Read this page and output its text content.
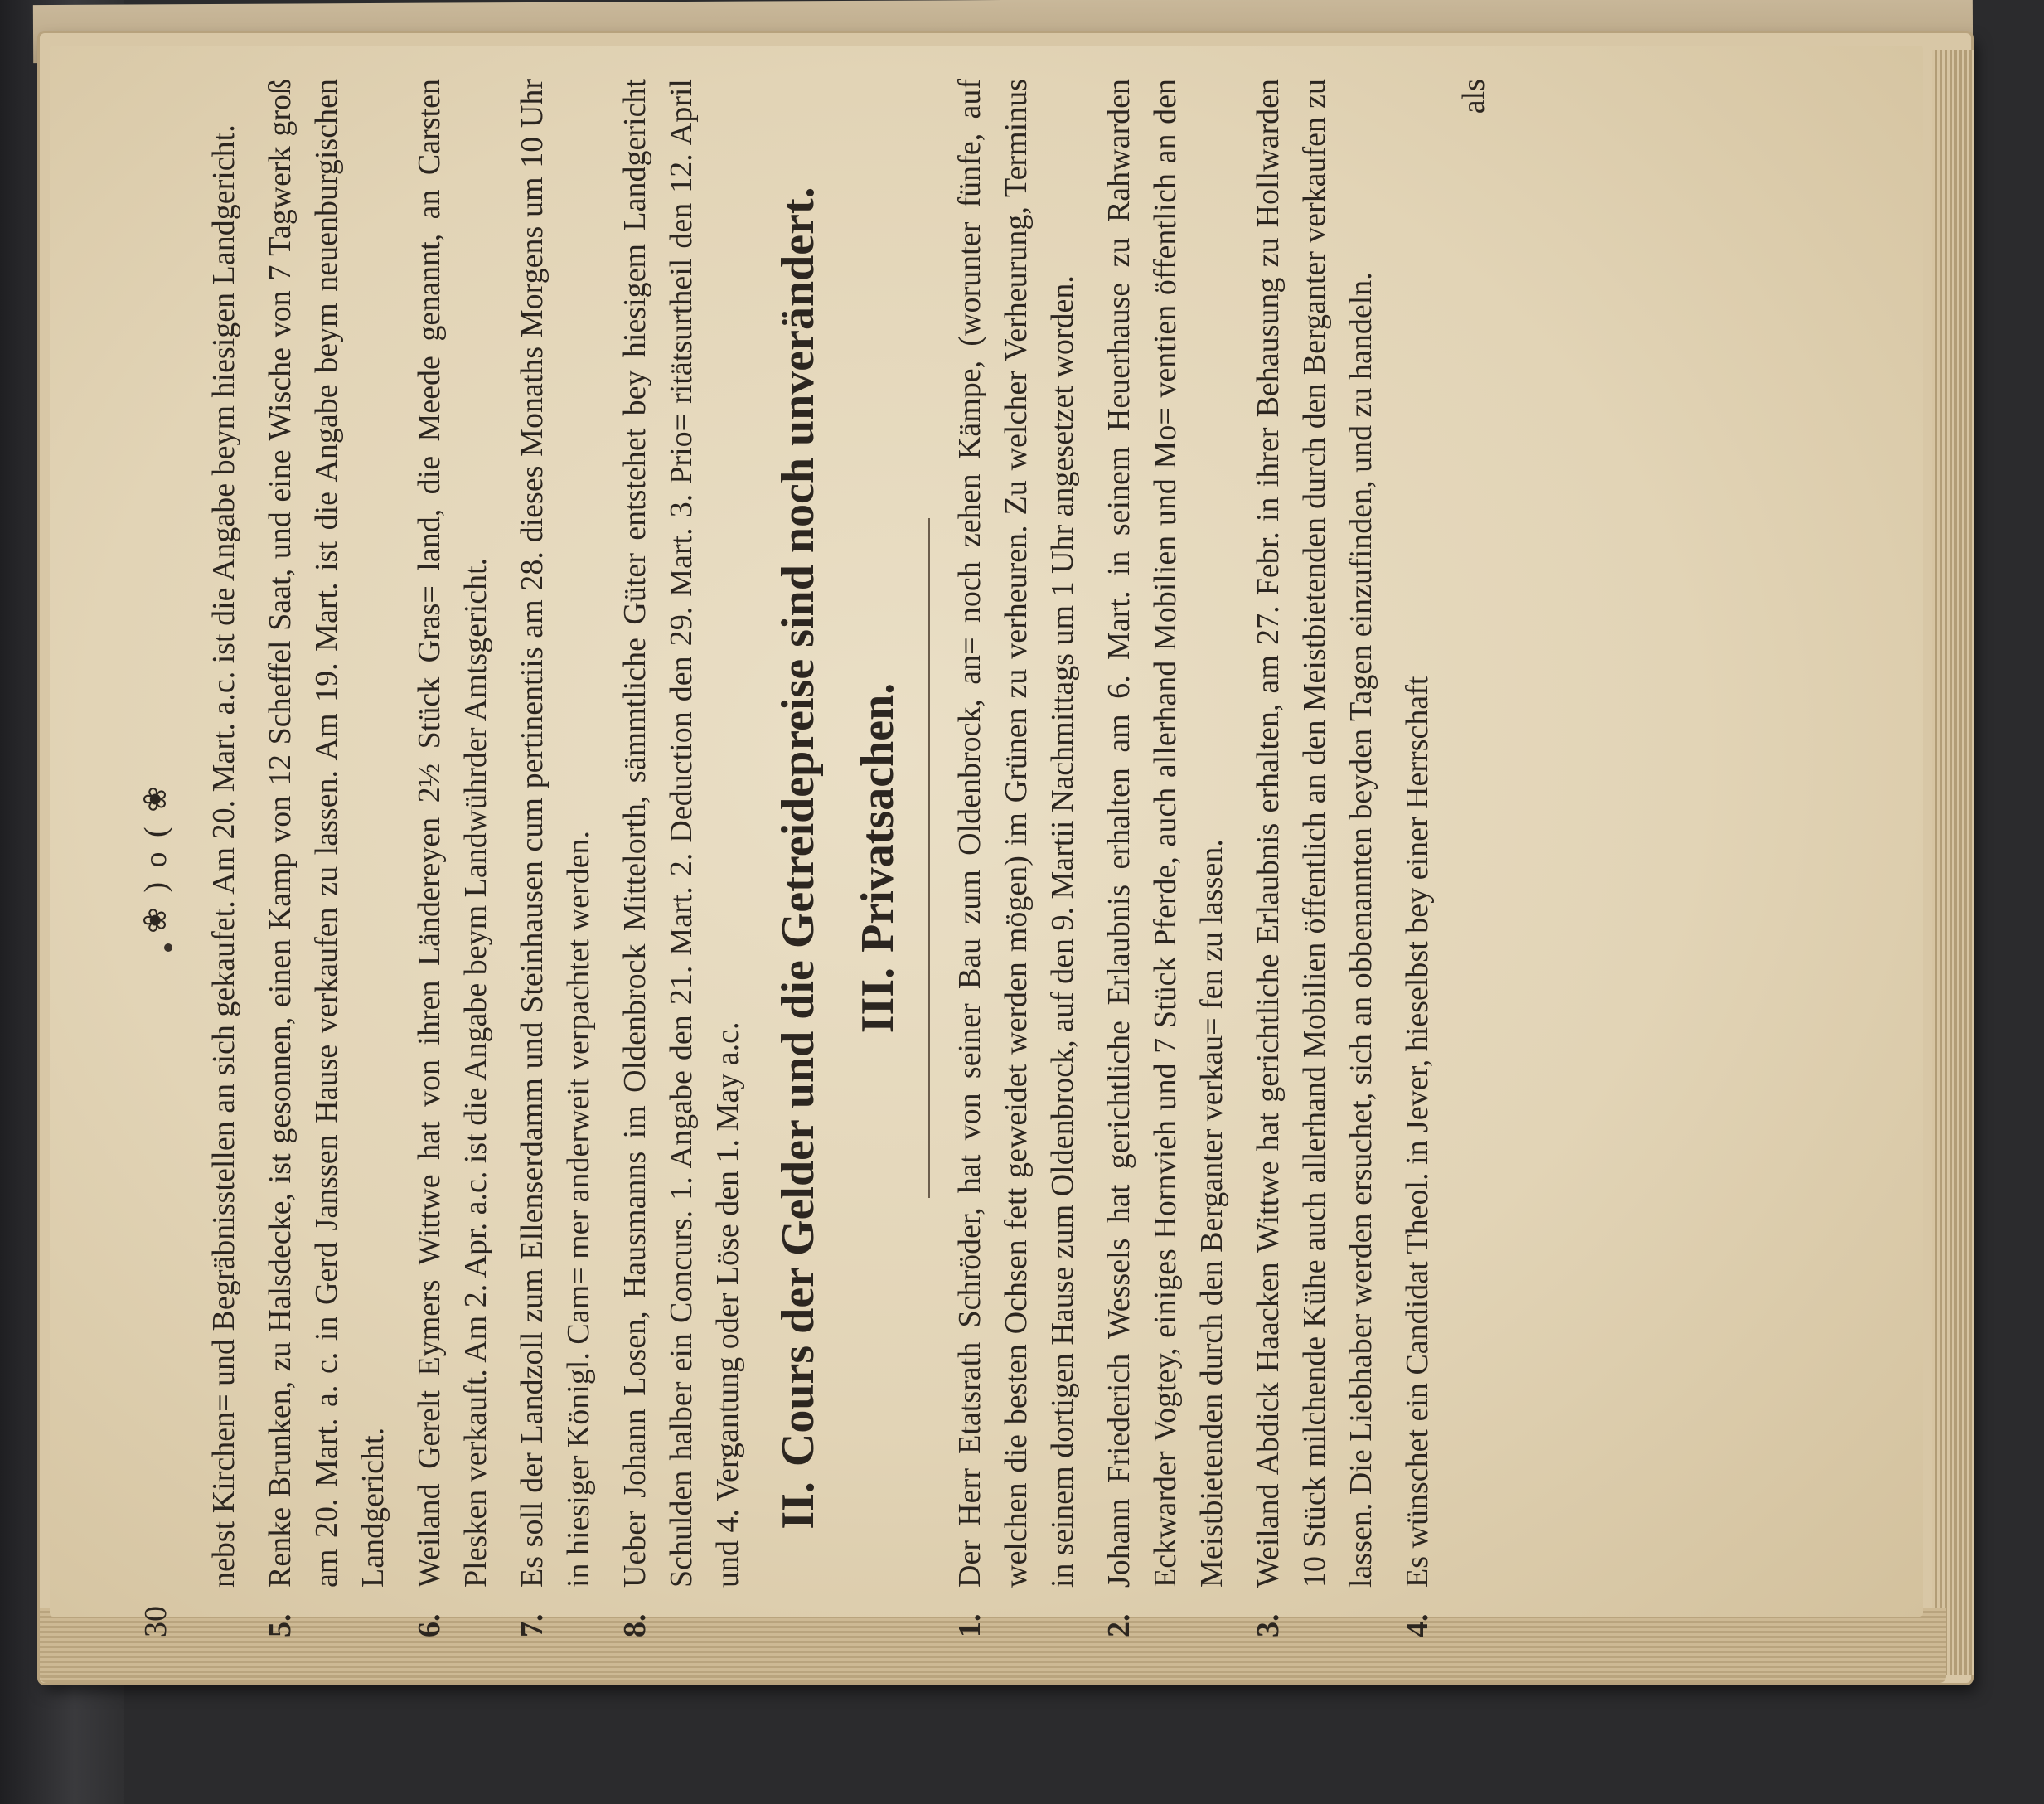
30
❀ ) o ( ❀ nebst Kirchen= und Begräbnisstellen an sich gekaufet. Am 20. Mart. a.c. ist die Angabe beym hiesigen Landgericht.
5.
Renke Brunken, zu Halsdecke, ist gesonnen, einen Kamp von 12 Scheffel Saat, und eine Wische von 7 Tagwerk groß am 20. Mart. a. c. in Gerd Janssen Hause verkaufen zu lassen. Am 19. Mart. ist die Angabe beym neuenburgischen Landgericht.
6.
Weiland Gerelt Eymers Wittwe hat von ihren Ländereyen 2½ Stück Gras= land, die Meede genannt, an Carsten Plesken verkauft. Am 2. Apr. a.c. ist die Angabe beym Landwührder Amtsgericht.
7.
Es soll der Landzoll zum Ellenserdamm und Steinhausen cum pertinentiis am 28. dieses Monaths Morgens um 10 Uhr in hiesiger Königl. Cam= mer anderweit verpachtet werden.
8.
Ueber Johann Losen, Hausmanns im Oldenbrock Mittelorth, sämmtliche Güter entstehet bey hiesigem Landgericht Schulden halber ein Concurs. 1. Angabe den 21. Mart. 2. Deduction den 29. Mart. 3. Prio= ritätsurtheil den 12. April und 4. Vergantung oder Löse den 1. May a.c. II.Cours der Gelder und die Getreidepreise sind noch unverändert. III.Privatsachen.
1.
Der Herr Etatsrath Schröder, hat von seiner Bau zum Oldenbrock, an= noch zehen Kämpe, (worunter fünfe, auf welchen die besten Ochsen fett geweidet werden mögen) im Grünen zu verheuren. Zu welcher Verheurung, Terminus in seinem dortigen Hause zum Oldenbrock, auf den 9. Martii Nachmittags um 1 Uhr angesetzet worden.
2.
Johann Friederich Wessels hat gerichtliche Erlaubnis erhalten am 6. Mart. in seinem Heuerhause zu Rahwarden Eckwarder Vogtey, einiges Hornvieh und 7 Stück Pferde, auch allerhand Mobilien und Mo= ventien öffentlich an den Meistbietenden durch den Berganter verkau= fen zu lassen.
3.
Weiland Abdick Haacken Wittwe hat gerichtliche Erlaubnis erhalten, am 27. Febr. in ihrer Behausung zu Hollwarden 10 Stück milchende Kühe auch allerhand Mobilien öffentlich an den Meistbietenden durch den Berganter verkaufen zu lassen. Die Liebhaber werden ersuchet, sich an obbenannten beyden Tagen einzufinden, und zu handeln.
4.
Es wünschet ein Candidat Theol. in Jever, hieselbst bey einer Herrschaft
als
